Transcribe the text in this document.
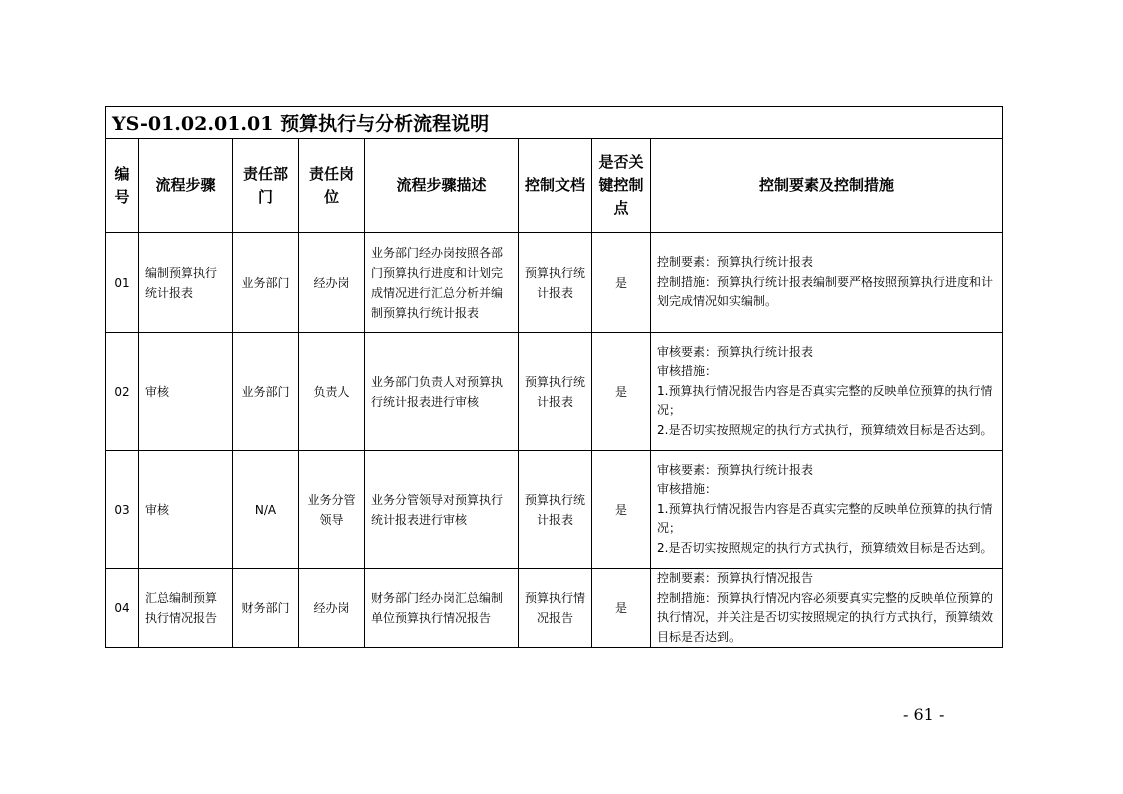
YS-01.02.01.01 预算执行与分析流程说明							
编号	流程步骤	责任部门	责任岗位	流程步骤描述	控制文档	是否关键控制点	控制要素及控制措施
01	编制预算执行统计报表	业务部门	经办岗	业务部门经办岗按照各部门预算执行进度和计划完成情况进行汇总分析并编制预算执行统计报表	预算执行统计报表	是	控制要素：预算执行统计报表
控制措施：预算执行统计报表编制要严格按照预算执行进度和计划完成情况如实编制。

02	审核	业务部门	负责人	业务部门负责人对预算执行统计报表进行审核	预算执行统计报表	是	审核要素：预算执行统计报表
审核措施：
1.预算执行情况报告内容是否真实完整的反映单位预算的执行情况；
2.是否切实按照规定的执行方式执行，预算绩效目标是否达到。

03	审核	N/A	业务分管领导	业务分管领导对预算执行统计报表进行审核	预算执行统计报表	是	审核要素：预算执行统计报表
审核措施：
1.预算执行情况报告内容是否真实完整的反映单位预算的执行情况；
2.是否切实按照规定的执行方式执行，预算绩效目标是否达到。

04	汇总编制预算执行情况报告	财务部门	经办岗	财务部门经办岗汇总编制单位预算执行情况报告	预算执行情况报告	是	控制要素：预算执行情况报告
控制措施：预算执行情况内容必须要真实完整的反映单位预算的执行情况，并关注是否切实按照规定的执行方式执行，预算绩效目标是否达到。
- 61 -
